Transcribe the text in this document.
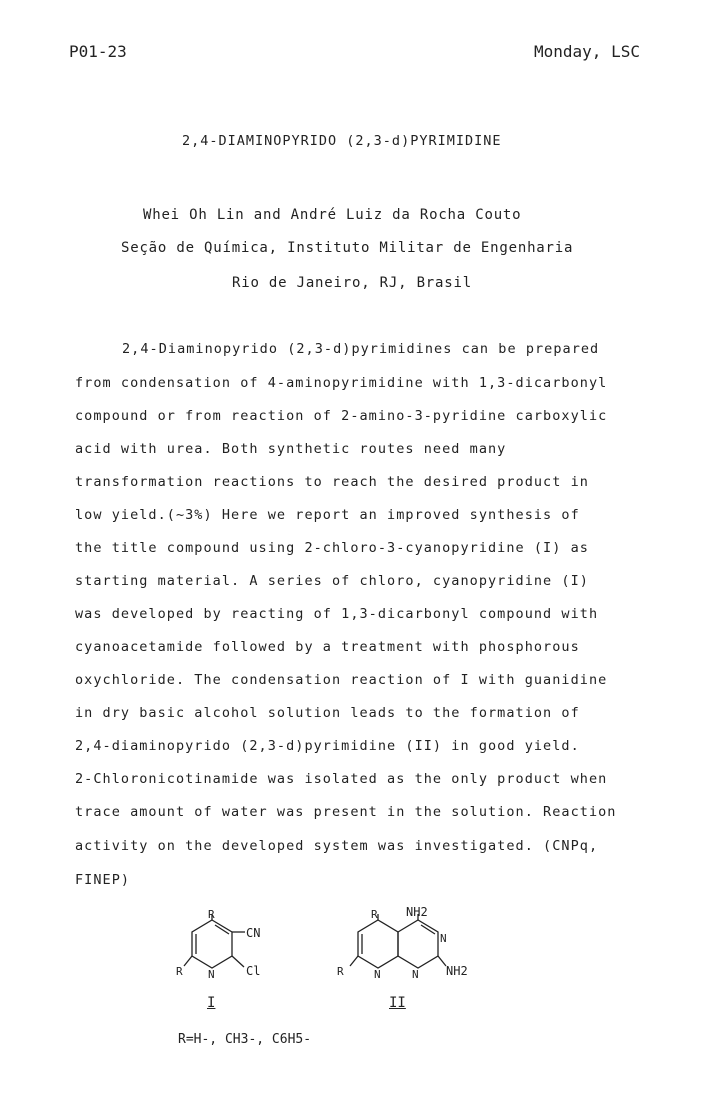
P01-23	Monday, LSC
2,4-DIAMINOPYRIDO (2,3-d)PYRIMIDINE
Whei Oh Lin and André Luiz da Rocha Couto
Seção de Química, Instituto Militar de Engenharia
Rio de Janeiro, RJ, Brasil
2,4-Diaminopyrido (2,3-d)pyrimidines can be prepared
from condensation of 4-aminopyrimidine with 1,3-dicarbonyl
compound or from reaction of 2-amino-3-pyridine carboxylic
acid with urea. Both synthetic routes need many
transformation reactions to reach the desired product in
low yield.(~3%) Here we report an improved synthesis of
the title compound using 2-chloro-3-cyanopyridine (I) as
starting material. A series of chloro, cyanopyridine (I)
was developed by reacting of 1,3-dicarbonyl compound with
cyanoacetamide followed by a treatment with phosphorous
oxychloride. The condensation reaction of I with guanidine
in dry basic alcohol solution leads to the formation of
2,4-diaminopyrido (2,3-d)pyrimidine (II) in good yield.
2-Chloronicotinamide was isolated as the only product when
trace amount of water was present in the solution. Reaction
activity on the developed system was investigated. (CNPq,
FINEP)
R
CN
R N	Cl
R NH2
N
NH2
R	N	N
I	II
R=H-, CH3-, C6H5-
